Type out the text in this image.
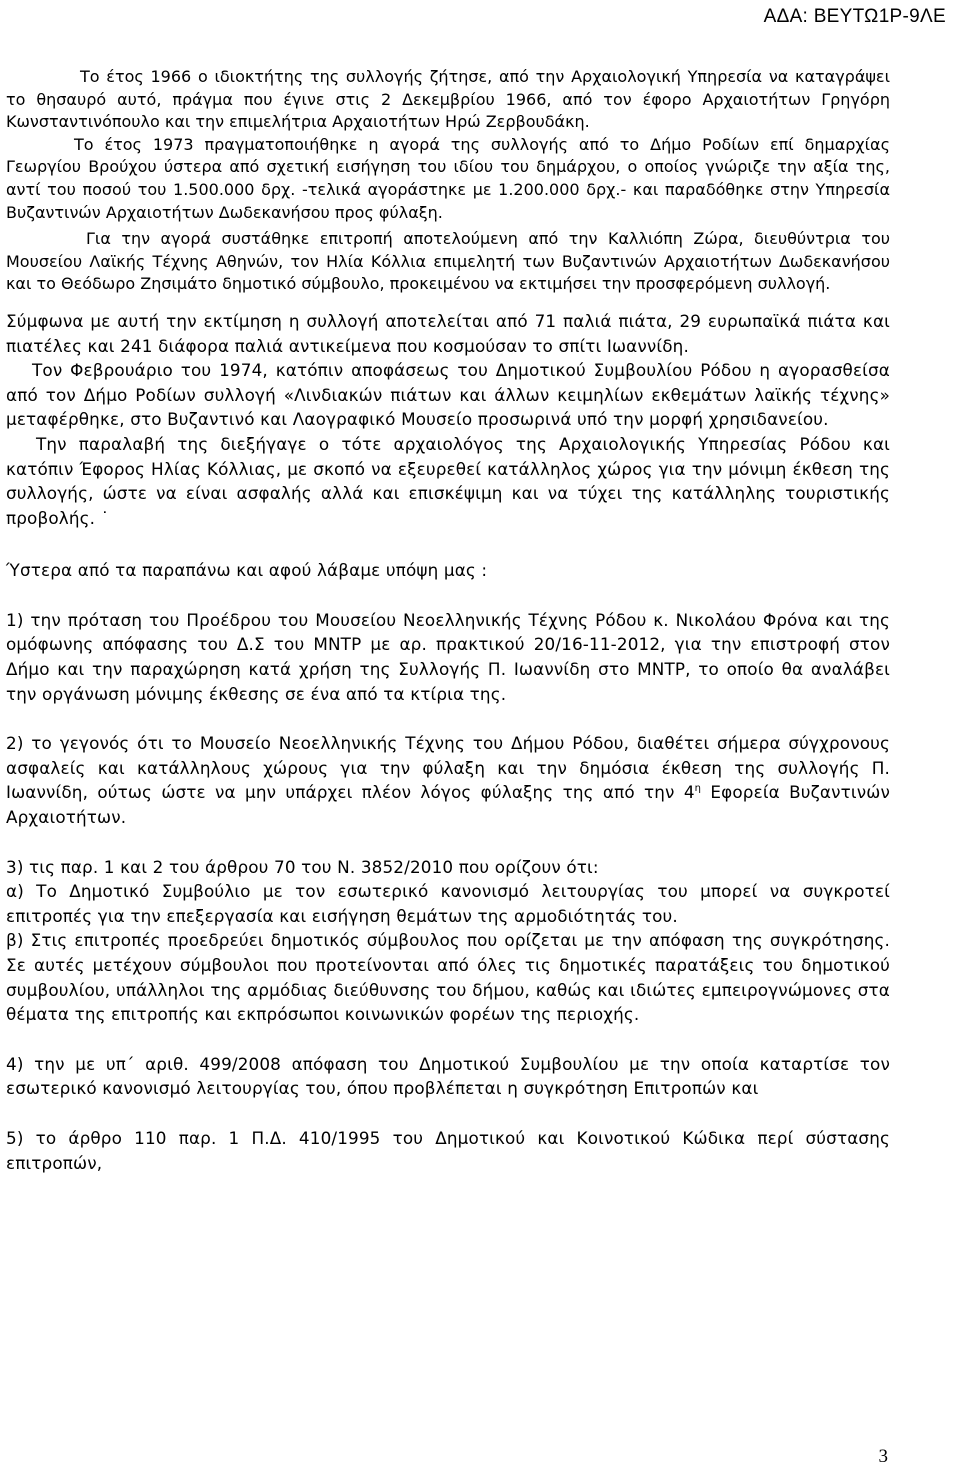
ΑΔΑ: ΒΕΥΤΩ1Ρ-9ΛΕ

Το έτος 1966 ο ιδιοκτήτης της συλλογής ζήτησε, από την Αρχαιολογική Υπηρεσία να καταγράψει το θησαυρό αυτό, πράγμα που έγινε στις 2 Δεκεμβρίου 1966, από τον έφορο Αρχαιοτήτων Γρηγόρη Κωνσταντινόπουλο και την επιμελήτρια Αρχαιοτήτων Ηρώ Ζερβουδάκη.

Το έτος 1973 πραγματοποιήθηκε η αγορά της συλλογής από το Δήμο Ροδίων επί δημαρχίας Γεωργίου Βρούχου ύστερα από σχετική εισήγηση του ιδίου του δημάρχου, ο οποίος γνώριζε την αξία της, αντί του ποσού του 1.500.000 δρχ. -τελικά αγοράστηκε με 1.200.000 δρχ.- και παραδόθηκε στην Υπηρεσία Βυζαντινών Αρχαιοτήτων Δωδεκανήσου προς φύλαξη.

Για την αγορά συστάθηκε επιτροπή αποτελούμενη από την Καλλιόπη Ζώρα, διευθύντρια του Μουσείου Λαϊκής Τέχνης Αθηνών, τον Ηλία Κόλλια επιμελητή των Βυζαντινών Αρχαιοτήτων Δωδεκανήσου και το Θεόδωρο Ζησιμάτο δημοτικό σύμβουλο, προκειμένου να εκτιμήσει την προσφερόμενη συλλογή.

Σύμφωνα με αυτή την εκτίμηση η συλλογή αποτελείται από 71 παλιά πιάτα, 29 ευρωπαϊκά πιάτα και πιατέλες και 241 διάφορα παλιά αντικείμενα που κοσμούσαν το σπίτι Ιωαννίδη.

Τον Φεβρουάριο του 1974, κατόπιν αποφάσεως του Δημοτικού Συμβουλίου Ρόδου η αγορασθείσα από τον Δήμο Ροδίων συλλογή «Λινδιακών πιάτων και άλλων κειμηλίων εκθεμάτων λαϊκής τέχνης» μεταφέρθηκε, στο Βυζαντινό και Λαογραφικό Μουσείο προσωρινά υπό την μορφή χρησιδανείου.

Την παραλαβή της διεξήγαγε ο τότε αρχαιολόγος της Αρχαιολογικής Υπηρεσίας Ρόδου και κατόπιν Έφορος Ηλίας Κόλλιας, με σκοπό να εξευρεθεί κατάλληλος χώρος για την μόνιμη έκθεση της συλλογής, ώστε να είναι ασφαλής αλλά και επισκέψιμη και να τύχει της κατάλληλης τουριστικής προβολής. ˙

Ύστερα από τα παραπάνω και αφού λάβαμε υπόψη μας :

1) την πρόταση του Προέδρου του Μουσείου Νεοελληνικής Τέχνης Ρόδου κ. Νικολάου Φρόνα και της ομόφωνης απόφασης του Δ.Σ του ΜΝΤΡ με αρ. πρακτικού 20/16-11-2012, για την επιστροφή στον Δήμο και την παραχώρηση κατά χρήση της Συλλογής Π. Ιωαννίδη στο ΜΝΤΡ, το οποίο θα αναλάβει την οργάνωση μόνιμης έκθεσης σε ένα από τα κτίρια της.

2) το γεγονός ότι το Μουσείο Νεοελληνικής Τέχνης του Δήμου Ρόδου, διαθέτει σήμερα σύγχρονους ασφαλείς και κατάλληλους χώρους για την φύλαξη και την δημόσια έκθεση της συλλογής Π. Ιωαννίδη, ούτως ώστε να μην υπάρχει πλέον λόγος φύλαξης της από την $4^\eta$ Εφορεία Βυζαντινών Αρχαιοτήτων.

3) τις παρ. 1 και 2 του άρθρου 70 του Ν. 3852/2010 που ορίζουν ότι:

α) Το Δημοτικό Συμβούλιο με τον εσωτερικό κανονισμό λειτουργίας του μπορεί να συγκροτεί επιτροπές για την επεξεργασία και εισήγηση θεμάτων της αρμοδιότητάς του.

β) Στις επιτροπές προεδρεύει δημοτικός σύμβουλος που ορίζεται με την απόφαση της συγκρότησης. Σε αυτές μετέχουν σύμβουλοι που προτείνονται από όλες τις δημοτικές παρατάξεις του δημοτικού συμβουλίου, υπάλληλοι της αρμόδιας διεύθυνσης του δήμου, καθώς και ιδιώτες εμπειρογνώμονες στα θέματα της επιτροπής και εκπρόσωποι κοινωνικών φορέων της περιοχής.

4) την με υπ΄ αριθ. 499/2008 απόφαση του Δημοτικού Συμβουλίου με την οποία καταρτίσε τον εσωτερικό κανονισμό λειτουργίας του, όπου προβλέπεται η συγκρότηση Επιτροπών και

5) το άρθρο 110 παρ. 1 Π.Δ. 410/1995 του Δημοτικού και Κοινοτικού Κώδικα περί σύστασης επιτροπών,

3
